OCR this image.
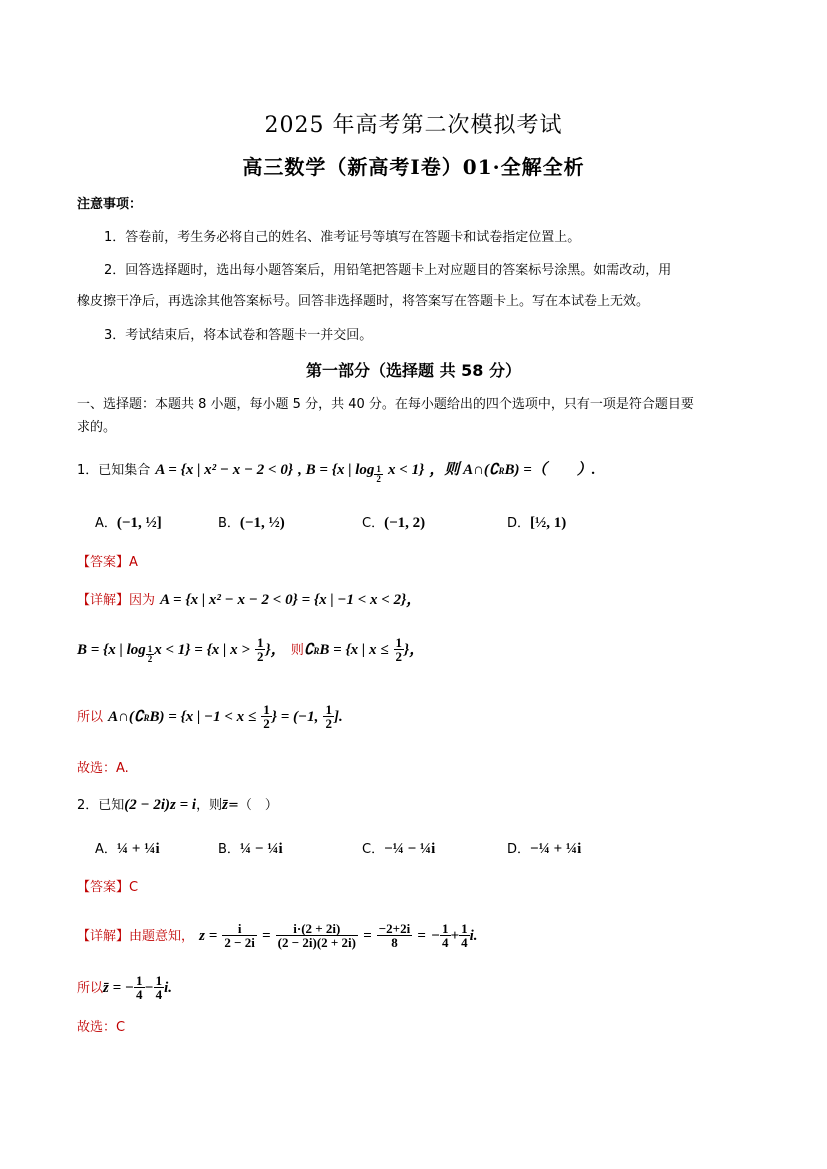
2025 年高考第二次模拟考试
高三数学（新高考Ⅰ卷）01·全解全析
注意事项：
1．答卷前，考生务必将自己的姓名、准考证号等填写在答题卡和试卷指定位置上。
2．回答选择题时，选出每小题答案后，用铅笔把答题卡上对应题目的答案标号涂黑。如需改动，用
橡皮擦干净后，再选涂其他答案标号。回答非选择题时，将答案写在答题卡上。写在本试卷上无效。
3．考试结束后，将本试卷和答题卡一并交回。
第一部分（选择题 共 58 分）
一、选择题：本题共 8 小题，每小题 5 分，共 40 分。在每小题给出的四个选项中，只有一项是符合题目要
求的。
1．已知集合 A = {x | x² − x − 2 < 0} , B = {x | $\log \frac{1}{2}$ x < 1} ，则 A∩(∁RB) =（　　）.
A．(−1, ½]	B．(−1, ½)	C．(−1, 2)	D．[½, 1)
【答案】A
【详解】因为 A = {x | x² − x − 2 < 0} = {x | −1 < x < 2}，
B = {x | $\log \frac{1}{2}$ x < 1} = {x | $x > \frac{1}{2}$ }， 则∁RB = {x | $x \le \frac{1}{2}$ }，
所以 A∩(∁RB) = {x | $-1 < x \le \frac{1}{2}$ } = (−1, $\frac{1}{2}$ ].
故选：A.
2．已知(2 − 2i)z = i，则z̄=（　）
A．¼ + ¼i	B．¼ − ¼i	C．−¼ − ¼i	D．−¼ + ¼i
【答案】C
【详解】由题意知， $z = \frac{i}{2 - 2i} = \frac{i\cdot(2 + 2i)}{(2 - 2i)(2 + 2i)} = \frac{-2+2i}{8}$ = − $\frac{1}{4} + \frac{1}{4} i$.
所以z̄ = − $\frac{1}{4} - \frac{1}{4} i$.
故选：C
